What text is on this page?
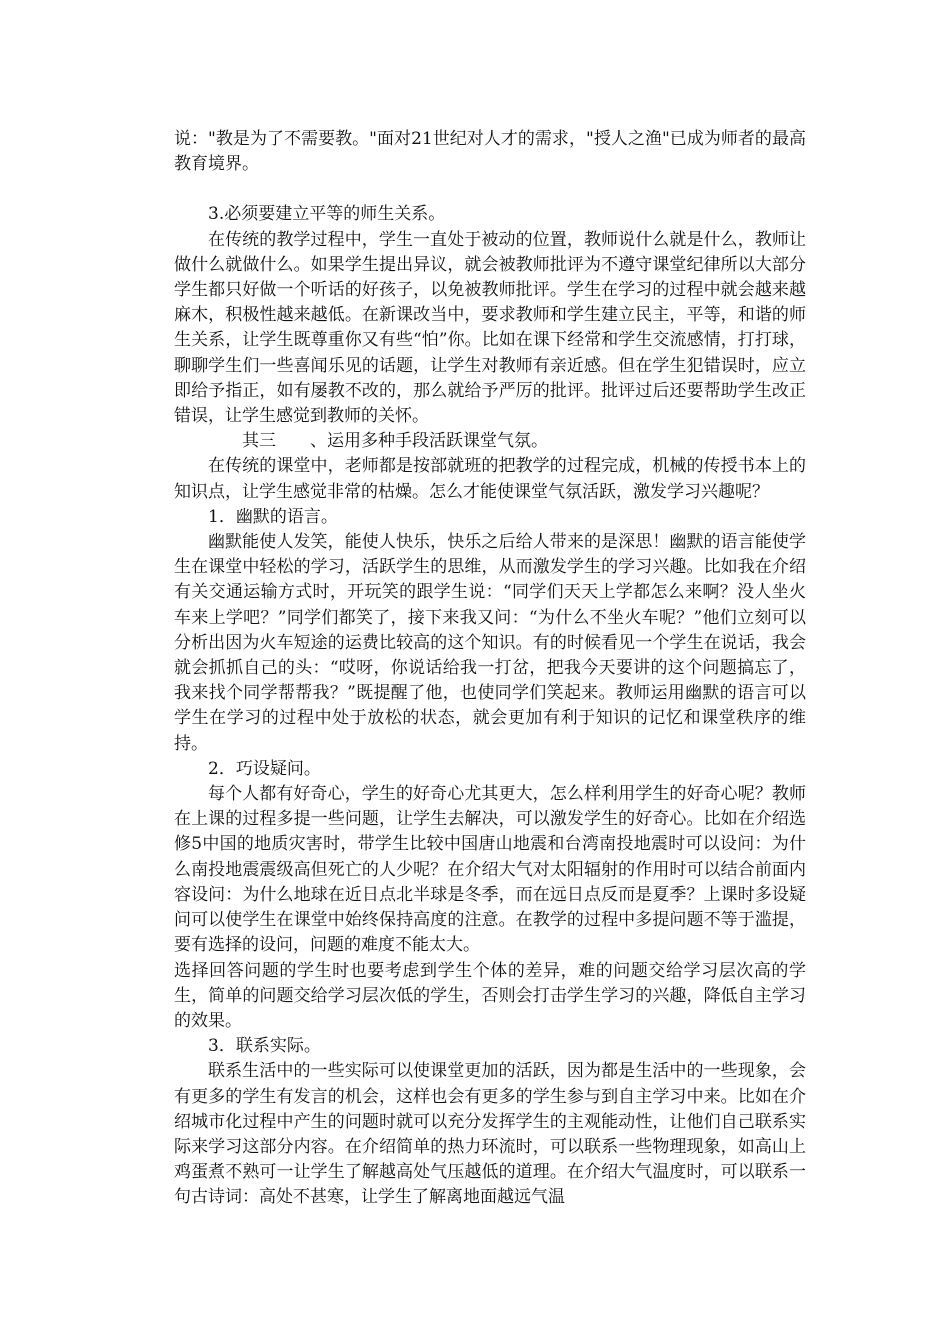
说："教是为了不需要教。"面对21世纪对人才的需求，"授人之渔"已成为师者的最高教育境界。

3.必须要建立平等的师生关系。

在传统的教学过程中，学生一直处于被动的位置，教师说什么就是什么，教师让做什么就做什么。如果学生提出异议，就会被教师批评为不遵守课堂纪律所以大部分学生都只好做一个听话的好孩子，以免被教师批评。学生在学习的过程中就会越来越麻木，积极性越来越低。在新课改当中，要求教师和学生建立民主，平等，和谐的师生关系，让学生既尊重你又有些“怕”你。比如在课下经常和学生交流感情，打打球，聊聊学生们一些喜闻乐见的话题，让学生对教师有亲近感。但在学生犯错误时，应立即给予指正，如有屡教不改的，那么就给予严厉的批评。批评过后还要帮助学生改正错误，让学生感觉到教师的关怀。

其三　　、运用多种手段活跃课堂气氛。

在传统的课堂中，老师都是按部就班的把教学的过程完成，机械的传授书本上的知识点，让学生感觉非常的枯燥。怎么才能使课堂气氛活跃，激发学习兴趣呢？

1．幽默的语言。

幽默能使人发笑，能使人快乐，快乐之后给人带来的是深思！幽默的语言能使学生在课堂中轻松的学习，活跃学生的思维，从而激发学生的学习兴趣。比如我在介绍有关交通运输方式时，开玩笑的跟学生说：“同学们天天上学都怎么来啊？没人坐火车来上学吧？”同学们都笑了，接下来我又问：“为什么不坐火车呢？”他们立刻可以分析出因为火车短途的运费比较高的这个知识。有的时候看见一个学生在说话，我会就会抓抓自己的头：“哎呀，你说话给我一打岔，把我今天要讲的这个问题搞忘了，我来找个同学帮帮我？”既提醒了他，也使同学们笑起来。教师运用幽默的语言可以学生在学习的过程中处于放松的状态，就会更加有利于知识的记忆和课堂秩序的维持。

2．巧设疑问。

每个人都有好奇心，学生的好奇心尤其更大，怎么样利用学生的好奇心呢？教师在上课的过程多提一些问题，让学生去解决，可以激发学生的好奇心。比如在介绍选修5中国的地质灾害时，带学生比较中国唐山地震和台湾南投地震时可以设问：为什么南投地震震级高但死亡的人少呢？在介绍大气对太阳辐射的作用时可以结合前面内容设问：为什么地球在近日点北半球是冬季，而在远日点反而是夏季？上课时多设疑问可以使学生在课堂中始终保持高度的注意。在教学的过程中多提问题不等于滥提，要有选择的设问，问题的难度不能太大。

选择回答问题的学生时也要考虑到学生个体的差异，难的问题交给学习层次高的学生，简单的问题交给学习层次低的学生，否则会打击学生学习的兴趣，降低自主学习的效果。

3．联系实际。

联系生活中的一些实际可以使课堂更加的活跃，因为都是生活中的一些现象，会有更多的学生有发言的机会，这样也会有更多的学生参与到自主学习中来。比如在介绍城市化过程中产生的问题时就可以充分发挥学生的主观能动性，让他们自己联系实际来学习这部分内容。在介绍简单的热力环流时，可以联系一些物理现象，如高山上鸡蛋煮不熟可一让学生了解越高处气压越低的道理。在介绍大气温度时，可以联系一句古诗词：高处不甚寒，让学生了解离地面越远气温
